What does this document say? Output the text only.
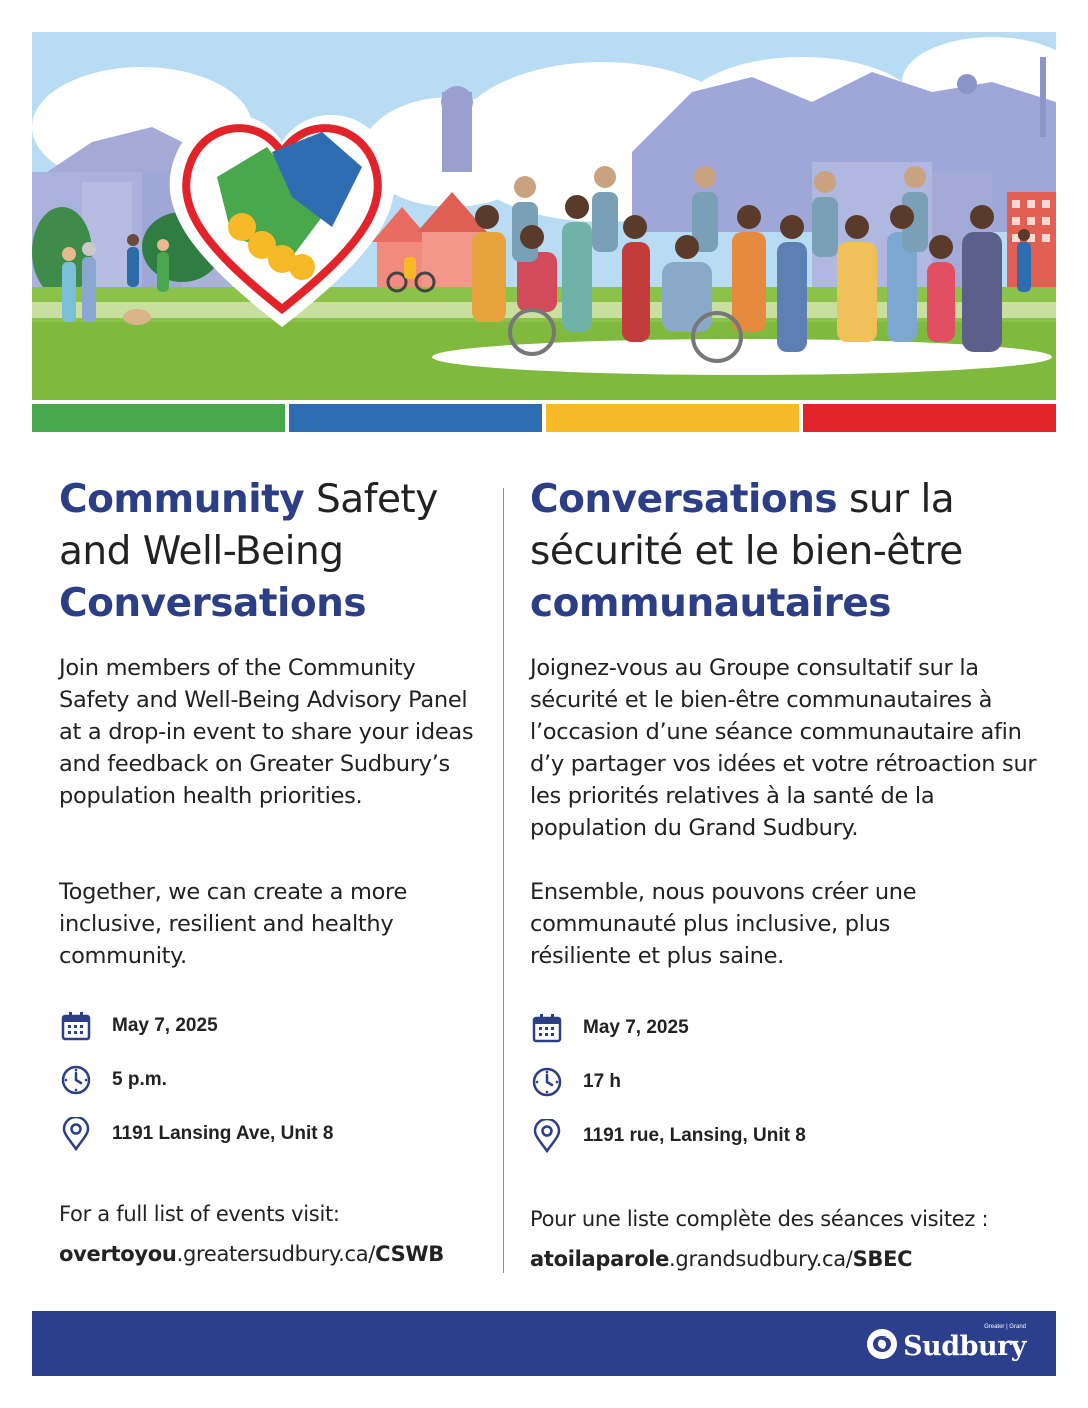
Community Safety
and Well-Being
Conversations

Join members of the Community Safety and Well-Being Advisory Panel at a drop-in event to share your ideas and feedback on Greater Sudbury’s population health priorities.

Together, we can create a more inclusive, resilient and healthy community.

May 7, 2025
5 p.m.
1191 Lansing Ave, Unit 8
For a full list of events visit:
overtoyou.greatersudbury.ca/CSWB
Conversations sur la
sécurité et le bien-être
communautaires

Joignez-vous au Groupe consultatif sur la sécurité et le bien-être communautaires à l’occasion d’une séance communautaire afin d’y partager vos idées et votre rétroaction sur les priorités relatives à la santé de la population du Grand Sudbury.

Ensemble, nous pouvons créer une communauté plus inclusive, plus résiliente et plus saine.

May 7, 2025
17 h
1191 rue, Lansing, Unit 8
Pour une liste complète des séances visitez :
atoilaparole.grandsudbury.ca/SBEC
Sudbury
Greater | Grand
